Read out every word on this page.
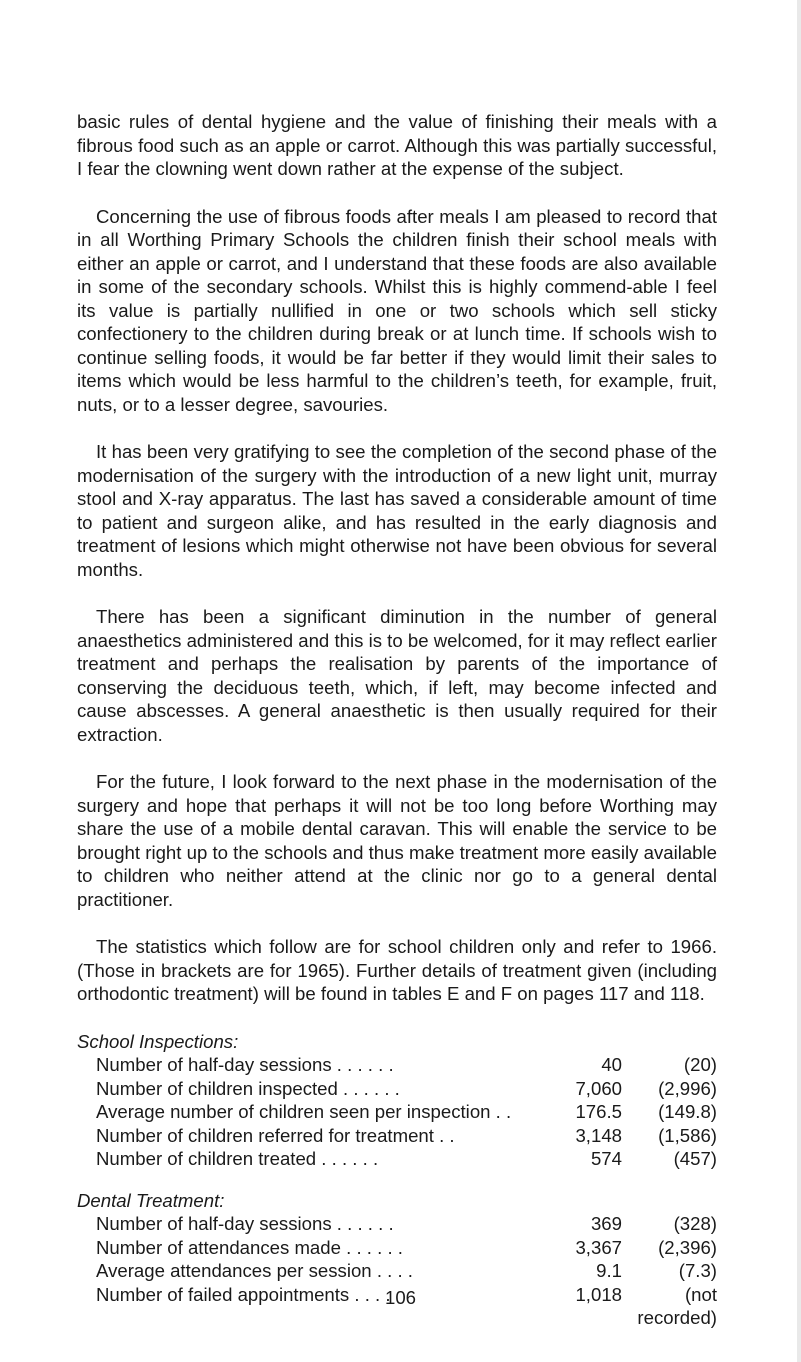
basic rules of dental hygiene and the value of finishing their meals with a fibrous food such as an apple or carrot. Although this was partially successful, I fear the clowning went down rather at the expense of the subject.

Concerning the use of fibrous foods after meals I am pleased to record that in all Worthing Primary Schools the children finish their school meals with either an apple or carrot, and I understand that these foods are also available in some of the secondary schools. Whilst this is highly commend-able I feel its value is partially nullified in one or two schools which sell sticky confectionery to the children during break or at lunch time. If schools wish to continue selling foods, it would be far better if they would limit their sales to items which would be less harmful to the children’s teeth, for example, fruit, nuts, or to a lesser degree, savouries.

It has been very gratifying to see the completion of the second phase of the modernisation of the surgery with the introduction of a new light unit, murray stool and X-ray apparatus. The last has saved a considerable amount of time to patient and surgeon alike, and has resulted in the early diagnosis and treatment of lesions which might otherwise not have been obvious for several months.

There has been a significant diminution in the number of general anaesthetics administered and this is to be welcomed, for it may reflect earlier treatment and perhaps the realisation by parents of the importance of conserving the deciduous teeth, which, if left, may become infected and cause abscesses. A general anaesthetic is then usually required for their extraction.

For the future, I look forward to the next phase in the modernisation of the surgery and hope that perhaps it will not be too long before Worthing may share the use of a mobile dental caravan. This will enable the service to be brought right up to the schools and thus make treatment more easily available to children who neither attend at the clinic nor go to a general dental practitioner.

The statistics which follow are for school children only and refer to 1966. (Those in brackets are for 1965). Further details of treatment given (including orthodontic treatment) will be found in tables E and F on pages 117 and 118.

School Inspections:

Number of half-day sessions . . . . . .	40	(20)
Number of children inspected . . . . . .	7,060	(2,996)
Average number of children seen per inspection . .	176.5	(149.8)
Number of children referred for treatment . .	3,148	(1,586)
Number of children treated . . . . . .	574	(457)

Dental Treatment:

Number of half-day sessions . . . . . .	369	(328)
Number of attendances made . . . . . .	3,367	(2,396)
Average attendances per session . . . .	9.1	(7.3)
Number of failed appointments . . . .	1,018	(not
		recorded)
106
